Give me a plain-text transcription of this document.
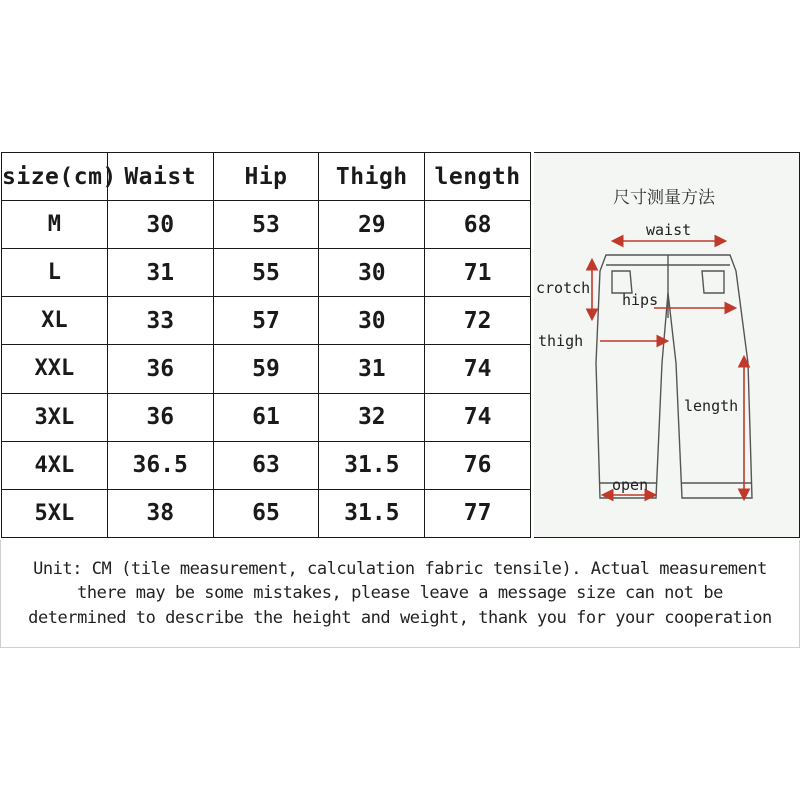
size(cm)	Waist	Hip	Thigh	length
M	30	53	29	68
L	31	55	30	71
XL	33	57	30	72
XXL	36	59	31	74
3XL	36	61	32	74
4XL	36.5	63	31.5	76
5XL	38	65	31.5	77
尺寸测量方法
waist
crotch
hips
thigh
length
open
Unit: CM (tile measurement, calculation fabric tensile). Actual measurement
there may be some mistakes, please leave a message size can not be
determined to describe the height and weight, thank you for your cooperation
